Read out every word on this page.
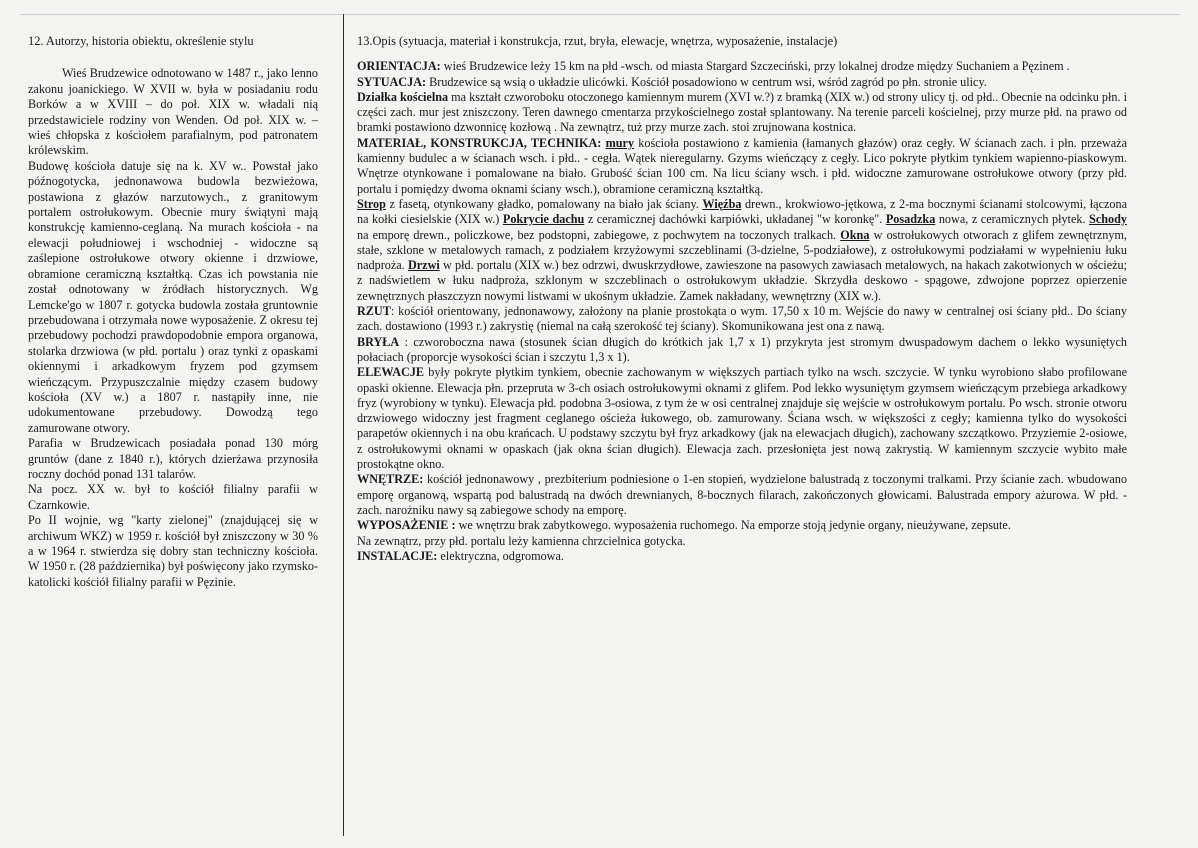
12. Autorzy, historia obiektu, określenie stylu

Wieś Brudzewice odnotowano w 1487 r., jako lenno zakonu joanickiego. W XVII w. była w posiadaniu rodu Borków a w XVIII – do poł. XIX w. władali nią przedstawiciele rodziny von Wenden. Od poł. XIX w. – wieś chłopska z kościołem parafialnym, pod patronatem królewskim.

Budowę kościoła datuje się na k. XV w.. Powstał jako późnogotycka, jednonawowa budowla bezwieżowa, postawiona z głazów narzutowych., z granitowym portalem ostrołukowym. Obecnie mury świątyni mają konstrukcję kamienno-ceglaną. Na murach kościoła - na elewacji południowej i wschodniej - widoczne są zaślepione ostrołukowe otwory okienne i drzwiowe, obramione ceramiczną kształtką. Czas ich powstania nie został odnotowany w źródłach historycznych. Wg Lemcke'go w 1807 r. gotycka budowla została gruntownie przebudowana i otrzymała nowe wyposażenie. Z okresu tej przebudowy pochodzi prawdopodobnie empora organowa, stolarka drzwiowa (w płd. portalu ) oraz tynki z opaskami okiennymi i arkadkowym fryzem pod gzymsem wieńczącym. Przypuszczalnie między czasem budowy kościoła (XV w.) a 1807 r. nastąpiły inne, nie udokumentowane przebudowy. Dowodzą tego zamurowane otwory.

Parafia w Brudzewicach posiadała ponad 130 mórg gruntów (dane z 1840 r.), których dzierżawa przynosiła roczny dochód ponad 131 talarów.

Na pocz. XX w. był to kościół filialny parafii w Czarnkowie.

Po II wojnie, wg "karty zielonej" (znajdującej się w archiwum WKZ) w 1959 r. kościół był zniszczony w 30 % a w 1964 r. stwierdza się dobry stan techniczny kościoła. W 1950 r. (28 października) był poświęcony jako rzymsko-katolicki kościół filialny parafii w Pęzinie.

13.Opis (sytuacja, materiał i konstrukcja, rzut, bryła, elewacje, wnętrza, wyposażenie, instalacje)

ORIENTACJA: wieś Brudzewice leży 15 km na płd -wsch. od miasta Stargard Szczeciński, przy lokalnej drodze między Suchaniem a Pęzinem .

SYTUACJA: Brudzewice są wsią o układzie ulicówki. Kościół posadowiono w centrum wsi, wśród zagród po płn. stronie ulicy.
Działka kościelna ma kształt czworoboku otoczonego kamiennym murem (XVI w.?) z bramką (XIX w.) od strony ulicy tj. od płd.. Obecnie na odcinku płn. i części zach. mur jest zniszczony. Teren dawnego cmentarza przykościelnego został splantowany. Na terenie parceli kościelnej, przy murze płd. na prawo od bramki postawiono dzwonnicę kozłową . Na zewnątrz, tuż przy murze zach. stoi zrujnowana kostnica.

MATERIAŁ, KONSTRUKCJA, TECHNIKA: mury kościoła postawiono z kamienia (łamanych głazów) oraz cegły. W ścianach zach. i płn. przeważa kamienny budulec a w ścianach wsch. i płd.. - cegła. Wątek nieregularny. Gzyms wieńczący z cegły. Lico pokryte płytkim tynkiem wapienno-piaskowym. Wnętrze otynkowane i pomalowane na biało. Grubość ścian 100 cm. Na licu ściany wsch. i płd. widoczne zamurowane ostrołukowe otwory (przy płd. portalu i pomiędzy dwoma oknami ściany wsch.), obramione ceramiczną kształtką.
Strop z fasetą, otynkowany gładko, pomalowany na biało jak ściany. Więźba drewn., krokwiowo-jętkowa, z 2-ma bocznymi ścianami stolcowymi, łączona na kołki ciesielskie (XIX w.) Pokrycie dachu z ceramicznej dachówki karpiówki, układanej "w koronkę". Posadzka nowa, z ceramicznych płytek. Schody na emporę drewn., policzkowe, bez podstopni, zabiegowe, z pochwytem na toczonych tralkach. Okna w ostrołukowych otworach z glifem zewnętrznym, stałe, szklone w metalowych ramach, z podziałem krzyżowymi szczeblinami (3-dzielne, 5-podziałowe), z ostrołukowymi podziałami w wypełnieniu łuku nadproża. Drzwi w płd. portalu (XIX w.) bez odrzwi, dwuskrzydłowe, zawieszone na pasowych zawiasach metalowych, na hakach zakotwionych w ościeżu; z nadświetlem w łuku nadproża, szklonym w szczeblinach o ostrołukowym układzie. Skrzydła deskowo - spągowe, zdwojone poprzez opierzenie zewnętrznych płaszczyzn nowymi listwami w ukośnym układzie. Zamek nakładany, wewnętrzny (XIX w.).

RZUT: kościół orientowany, jednonawowy, założony na planie prostokąta o wym. 17,50 x 10 m. Wejście do nawy w centralnej osi ściany płd.. Do ściany zach. dostawiono (1993 r.) zakrystię (niemal na całą szerokość tej ściany). Skomunikowana jest ona z nawą.

BRYŁA : czworoboczna nawa (stosunek ścian długich do krótkich jak 1,7 x 1) przykryta jest stromym dwuspadowym dachem o lekko wysuniętych połaciach (proporcje wysokości ścian i szczytu 1,3 x 1).

ELEWACJE były pokryte płytkim tynkiem, obecnie zachowanym w większych partiach tylko na wsch. szczycie. W tynku wyrobiono słabo profilowane opaski okienne. Elewacja płn. przepruta w 3-ch osiach ostrołukowymi oknami z glifem. Pod lekko wysuniętym gzymsem wieńczącym przebiega arkadkowy fryz (wyrobiony w tynku). Elewacja płd. podobna 3-osiowa, z tym że w osi centralnej znajduje się wejście w ostrołukowym portalu. Po wsch. stronie otworu drzwiowego widoczny jest fragment ceglanego ościeża łukowego, ob. zamurowany. Ściana wsch. w większości z cegły; kamienna tylko do wysokości parapetów okiennych i na obu krańcach. U podstawy szczytu był fryz arkadkowy (jak na elewacjach długich), zachowany szczątkowo. Przyziemie 2-osiowe, z ostrołukowymi oknami w opaskach (jak okna ścian długich). Elewacja zach. przesłonięta jest nową zakrystią. W kamiennym szczycie wybito małe prostokątne okno.

WNĘTRZE: kościół jednonawowy , prezbiterium podniesione o 1-en stopień, wydzielone balustradą z toczonymi tralkami. Przy ścianie zach. wbudowano emporę organową, wspartą pod balustradą na dwóch drewnianych, 8-bocznych filarach, zakończonych głowicami. Balustrada empory ażurowa. W płd. - zach. narożniku nawy są zabiegowe schody na emporę.

WYPOSAŻENIE : we wnętrzu brak zabytkowego. wyposażenia ruchomego. Na emporze stoją jedynie organy, nieużywane, zepsute.

Na zewnątrz, przy płd. portalu leży kamienna chrzcielnica gotycka.

INSTALACJE: elektryczna, odgromowa.
